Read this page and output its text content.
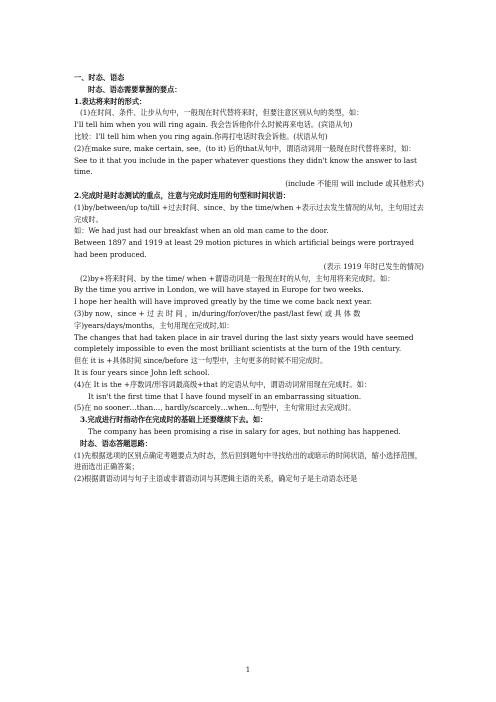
一、时态、语态
时态、语态需要掌握的要点：
1.表达将来时的形式：
(1)在时间、条件、让步从句中，一般现在时代替将来时，但要注意区别从句的类型，如：
I'll tell him when you will ring again. 我会告诉他你什么时候再来电话。(宾语从句)
比较：I'll tell him when you ring again.你再打电话时我会诉他。(状语从句)
(2)在make sure, make certain, see。(to it) 后的that从句中，谓语动词用一般现在时代替将来时，如：
See to it that you include in the paper whatever questions they didn't know the answer to last time.
(include 不能用 will include 或其他形式)
2.完成时是时态测试的重点，注意与完成时连用的句型和时间状语：
(1)by/between/up to/till +过去时间、since、by the time/when +表示过去发生情况的从句，主句用过去完成时。
如：We had just had our breakfast when an old man came to the door.
Between 1897 and 1919 at least 29 motion pictures in which artificial beings were portrayed had been produced.
(表示 1919 年时已发生的情况)
(2)by+将来时间、by the time/ when +谓语动词是一般现在时的从句，主句用将来完成时。如：
By the time you arrive in London, we will have stayed in Europe for two weeks.
I hope her health will have improved greatly by the time we come back next year.
(3)by now，since + 过 去 时 间 ，in/during/for/over/the past/last few( 或 具 体 数 字)years/days/months，主句用现在完成时,如：
The changes that had taken place in air travel during the last sixty years would have seemed completely impossible to even the most brilliant scientists at the turn of the 19th century.
但在 it is +具体时间 since/before 这一句型中，主句更多的时候不用完成时。
It is four years since John left school.
(4)在 It is the +序数词/形容词最高级+that 的定语从句中，谓语动词常用现在完成时。如：
It isn't the first time that I have found myself in an embarrassing situation.
(5)在 no sooner…than…, hardly/scarcely…when…句型中，主句常用过去完成时。
3.完成进行时指动作在完成时的基础上还要继续下去。如：
The company has been promising a rise in salary for ages, but nothing has happened.
时态、语态答题思路：
(1)先根据选项的区别点确定考题要点为时态，然后回到题句中寻找给出的或暗示的时间状语，缩小选择范围，进而选出正确答案；
(2)根据谓语动词与句子主语或非谓语动词与其逻辑主语的关系，确定句子是主动语态还是
1
